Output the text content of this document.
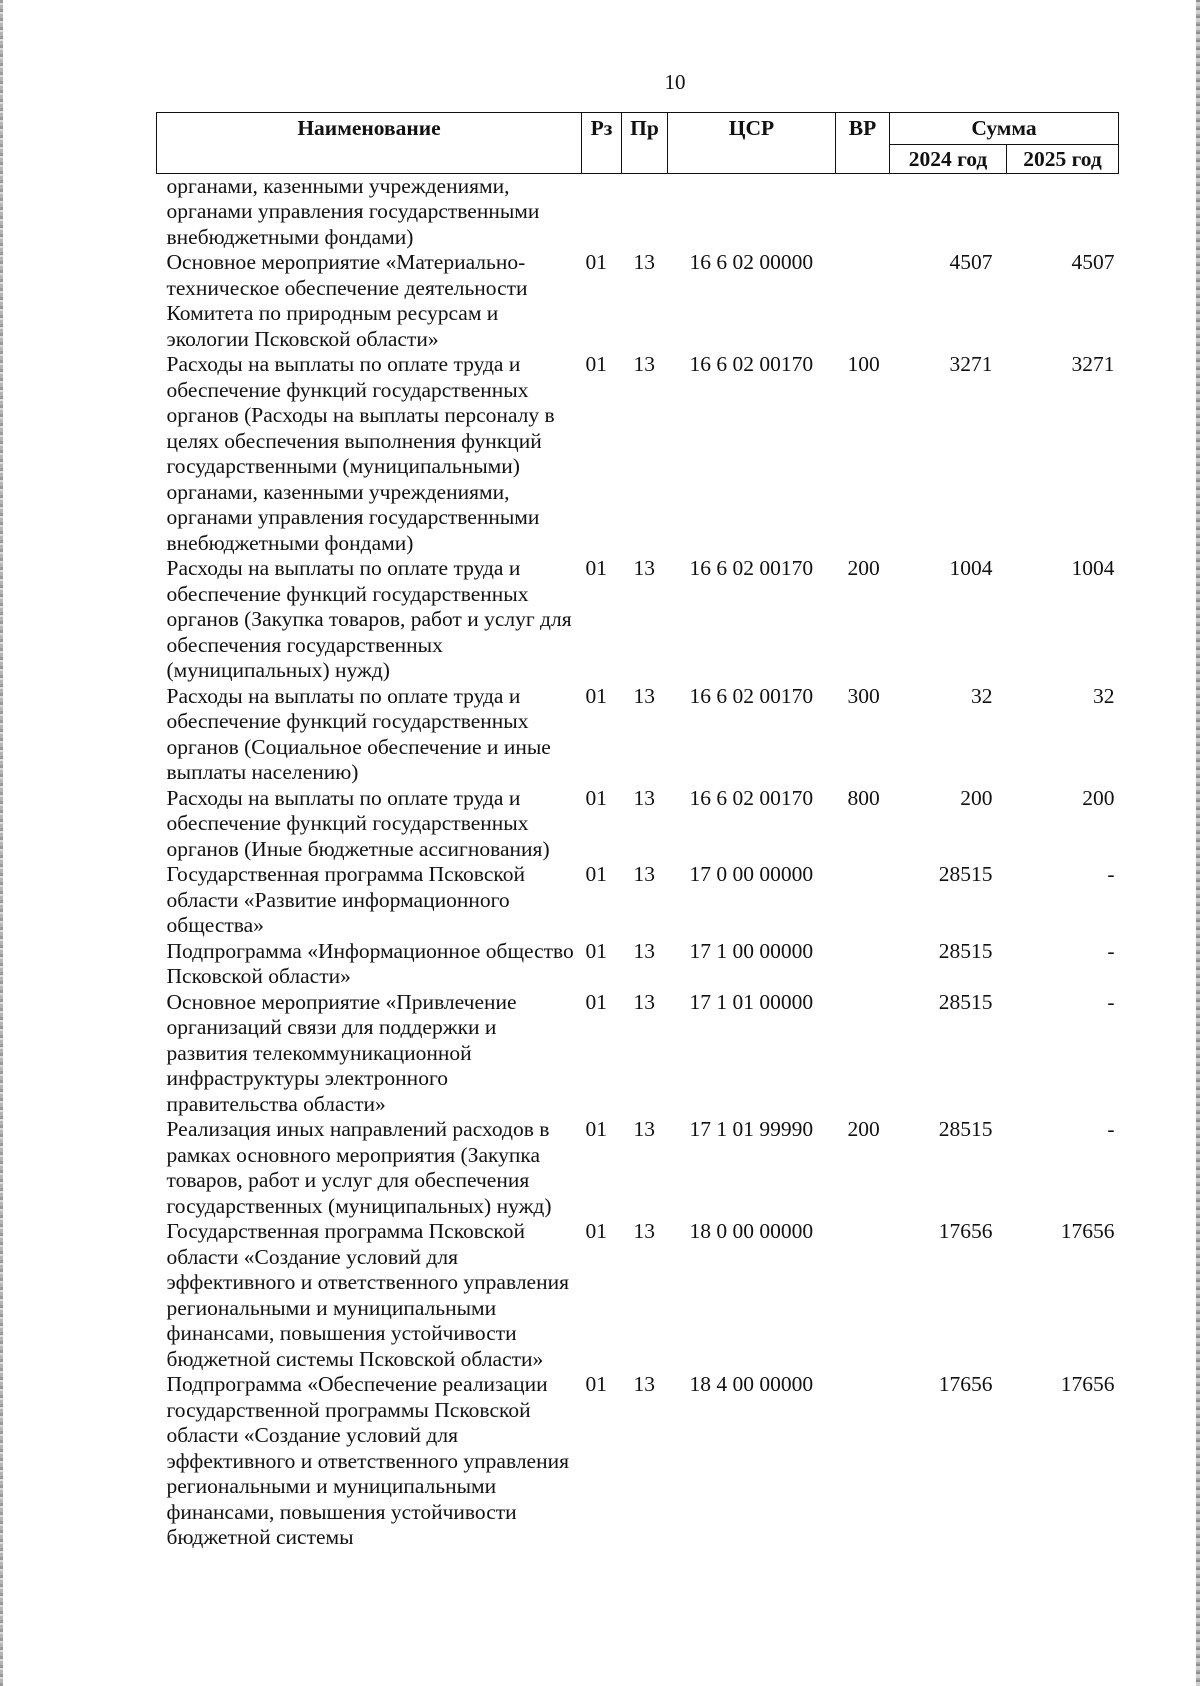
10
Наименование	Рз	Пр	ЦСР	ВР	Сумма	
					2024 год	2025 год
органами, казенными учреждениями, органами управления государственными внебюджетными фондами)						
Основное мероприятие «Материально-техническое обеспечение деятельности Комитета по природным ресурсам и экологии Псковской области»	01	13	16 6 02 00000		4507	4507
Расходы на выплаты по оплате труда и обеспечение функций государственных органов (Расходы на выплаты персоналу в целях обеспечения выполнения функций государственными (муниципальными) органами, казенными учреждениями, органами управления государственными внебюджетными фондами)	01	13	16 6 02 00170	100	3271	3271
Расходы на выплаты по оплате труда и обеспечение функций государственных органов (Закупка товаров, работ и услуг для обеспечения государственных (муниципальных) нужд)	01	13	16 6 02 00170	200	1004	1004
Расходы на выплаты по оплате труда и обеспечение функций государственных органов (Социальное обеспечение и иные выплаты населению)	01	13	16 6 02 00170	300	32	32
Расходы на выплаты по оплате труда и обеспечение функций государственных органов (Иные бюджетные ассигнования)	01	13	16 6 02 00170	800	200	200
Государственная программа Псковской области «Развитие информационного общества»	01	13	17 0 00 00000		28515	-
Подпрограмма «Информационное общество Псковской области»	01	13	17 1 00 00000		28515	-
Основное мероприятие «Привлечение организаций связи для поддержки и развития телекоммуникационной инфраструктуры электронного правительства области»	01	13	17 1 01 00000		28515	-
Реализация иных направлений расходов в рамках основного мероприятия (Закупка товаров, работ и услуг для обеспечения государственных (муниципальных) нужд)	01	13	17 1 01 99990	200	28515	-
Государственная программа Псковской области «Создание условий для эффективного и ответственного управления региональными и муниципальными финансами, повышения устойчивости бюджетной системы Псковской области»	01	13	18 0 00 00000		17656	17656
Подпрограмма «Обеспечение реализации государственной программы Псковской области «Создание условий для эффективного и ответственного управления региональными и муниципальными финансами, повышения устойчивости бюджетной системы	01	13	18 4 00 00000		17656	17656
